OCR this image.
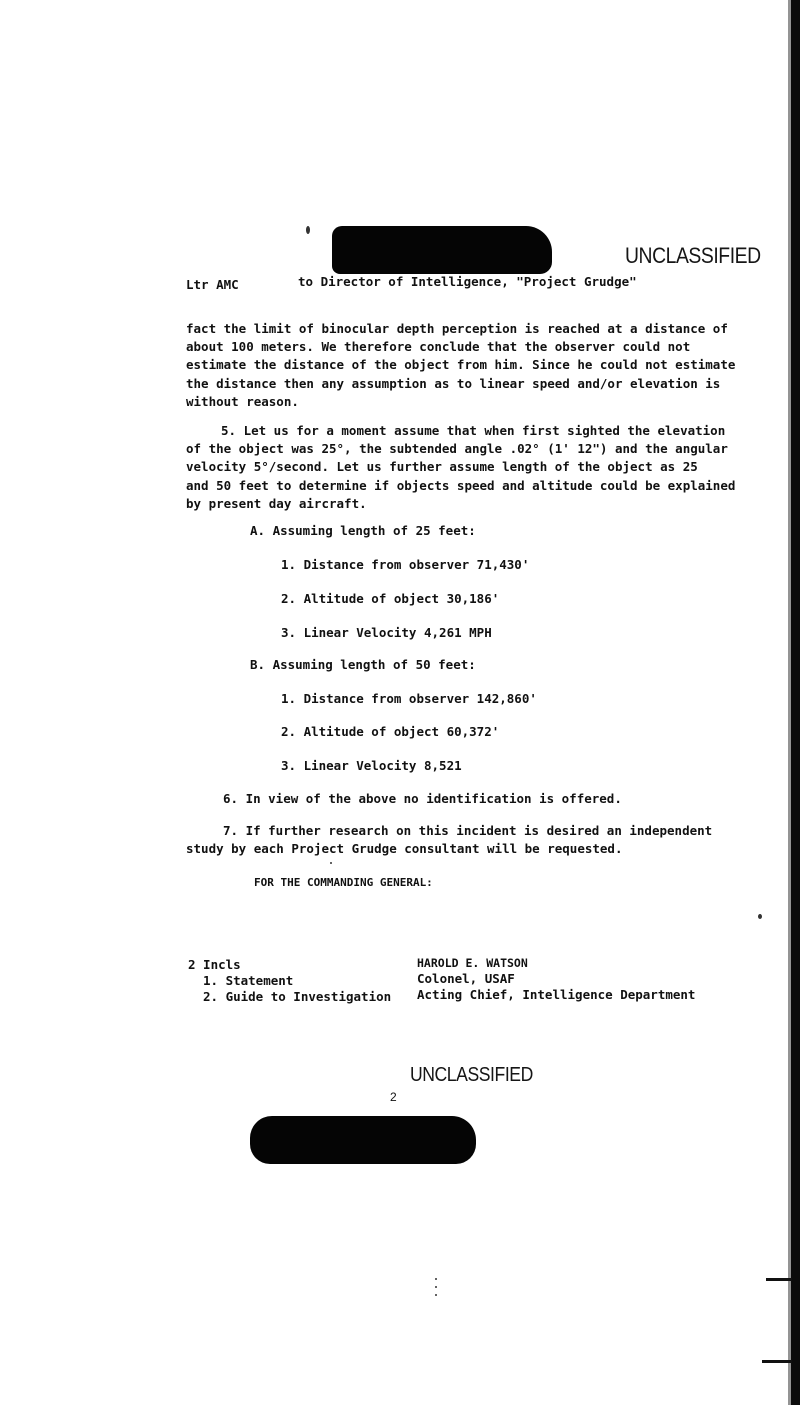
UNCLASSIFIED
Ltr AMC	to Director of Intelligence, "Project Grudge"
fact the limit of binocular depth perception is reached at a distance of
about 100 meters. We therefore conclude that the observer could not
estimate the distance of the object from him. Since he could not estimate
the distance then any assumption as to linear speed and/or elevation is
without reason.
5. Let us for a moment assume that when first sighted the elevation
of the object was 25°, the subtended angle .02° (1' 12") and the angular
velocity 5°/second. Let us further assume length of the object as 25
and 50 feet to determine if objects speed and altitude could be explained
by present day aircraft.
A. Assuming length of 25 feet:
1. Distance from observer 71,430'
2. Altitude of object 30,186'
3. Linear Velocity 4,261 MPH
B. Assuming length of 50 feet:
1. Distance from observer 142,860'
2. Altitude of object 60,372'
3. Linear Velocity 8,521
6. In view of the above no identification is offered.
7. If further research on this incident is desired an independent
study by each Project Grudge consultant will be requested.
FOR THE COMMANDING GENERAL:
2 Incls
1. Statement
2. Guide to Investigation
HAROLD E. WATSON
Colonel, USAF
Acting Chief, Intelligence Department
UNCLASSIFIED
2
